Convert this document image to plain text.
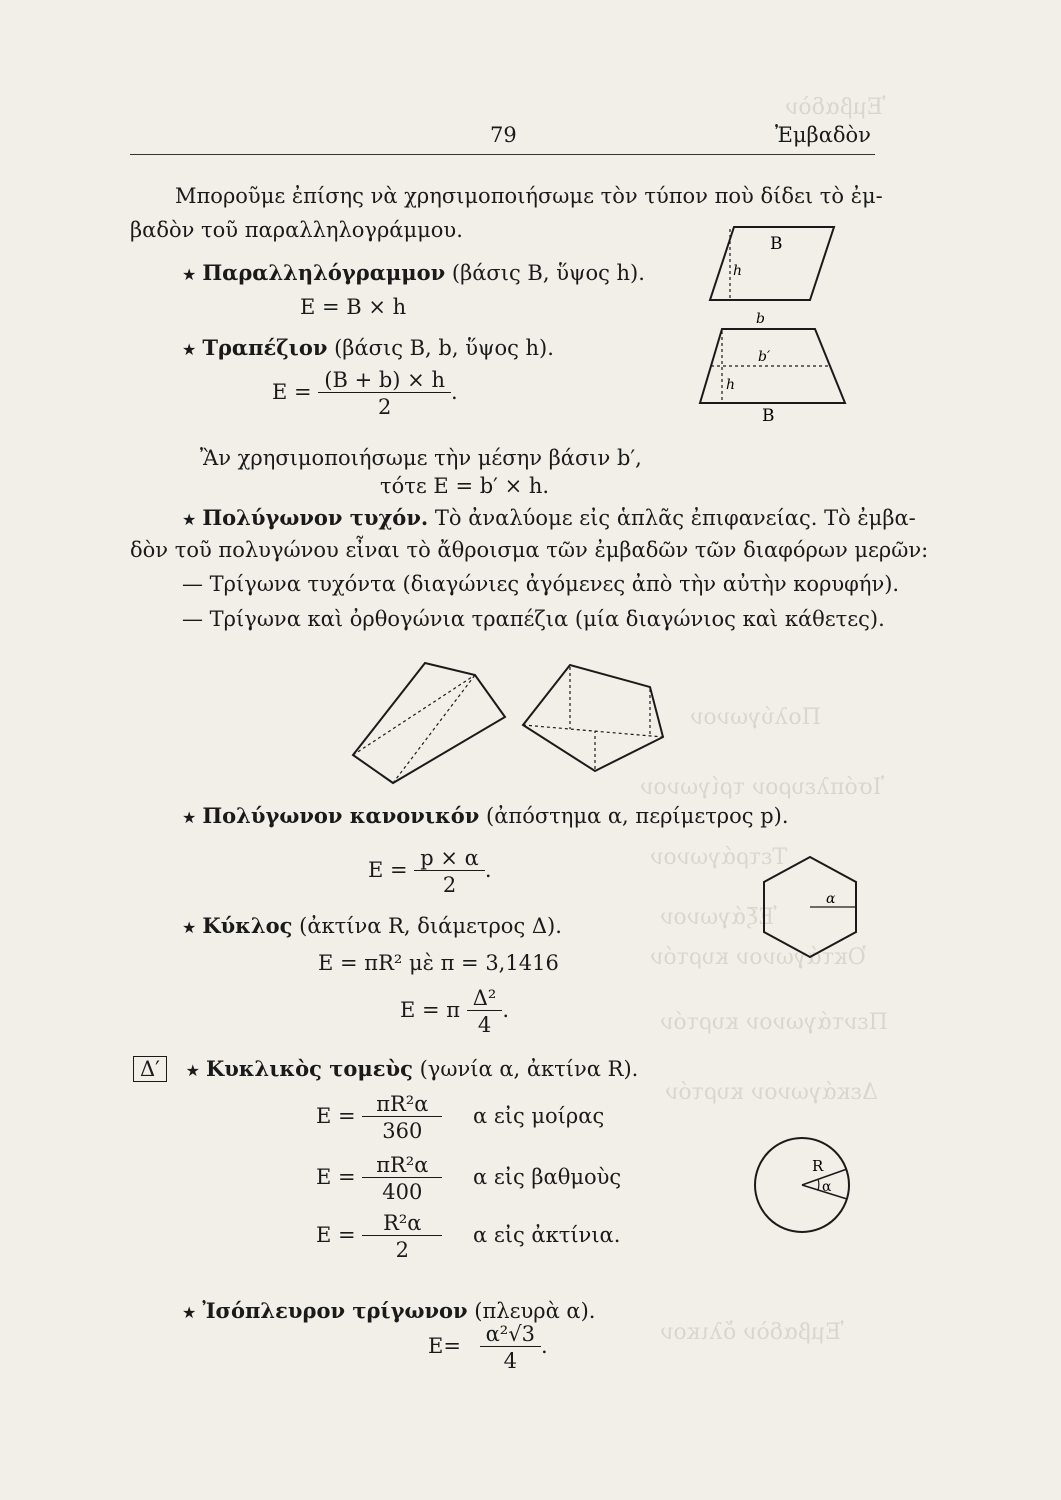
Ἐμβαδὸν
Πολύγωνον
Ἰσόπλευρον τρίγωνον
Τετράγωνον
Ἑξάγωνον
Ὀκτάγωνον κυρτόν
Πεντάγωνον κυρτόν
Δεκάγωνον κυρτόν
Ἐμβαδὸν ὄλικον
79	Ἐμβαδὸν
Μποροῦμε ἐπίσης νὰ χρησιμοποιήσωμε τὸν τύπον ποὺ δίδει τὸ ἐμ-
βαδὸν τοῦ παραλληλογράμμου.
★ Παραλληλόγραμμον (βάσις B, ὕψος h).
E = B × h
B
h
★ Τραπέζιον (βάσις B, b, ὕψος h).
$E = \frac{(B + b) \times h}{2}$ .
b
b′
h
B
Ἂν χρησιμοποιήσωμε τὴν μέσην βάσιν b′,
τότε E = b′ × h.
★ Πολύγωνον τυχόν. Τὸ ἀναλύομε εἰς ἁπλᾶς ἐπιφανείας. Τὸ ἐμβα-
δὸν τοῦ πολυγώνου εἶναι τὸ ἄθροισμα τῶν ἐμβαδῶν τῶν διαφόρων μερῶν:
— Τρίγωνα τυχόντα (διαγώνιες ἀγόμενες ἀπὸ τὴν αὐτὴν κορυφήν).
— Τρίγωνα καὶ ὀρθογώνια τραπέζια (μία διαγώνιος καὶ κάθετες).
★ Πολύγωνον κανονικόν (ἀπόστημα α, περίμετρος p).
$E = \frac{p \times \alpha}{2}$ .
α
★ Κύκλος (ἀκτίνα R, διάμετρος Δ).
E = πR² μὲ π = 3,1416
E = π $\frac{\text{Δ²}}{4}$ .
Δ′ ★ Κυκλικὸς τομεὺς (γωνία α, ἀκτίνα R).
$E = \frac{\text{πR²α}}{360}$ α εἰς μοίρας
$E = \frac{\text{πR²α}}{400}$ α εἰς βαθμοὺς
$E = \frac{\text{R²α}}{2}$ α εἰς ἀκτίνια.
R
α
★ Ἰσόπλευρον τρίγωνον (πλευρὰ α).
$E= \frac{\text{α²√3}}{4}$ .
